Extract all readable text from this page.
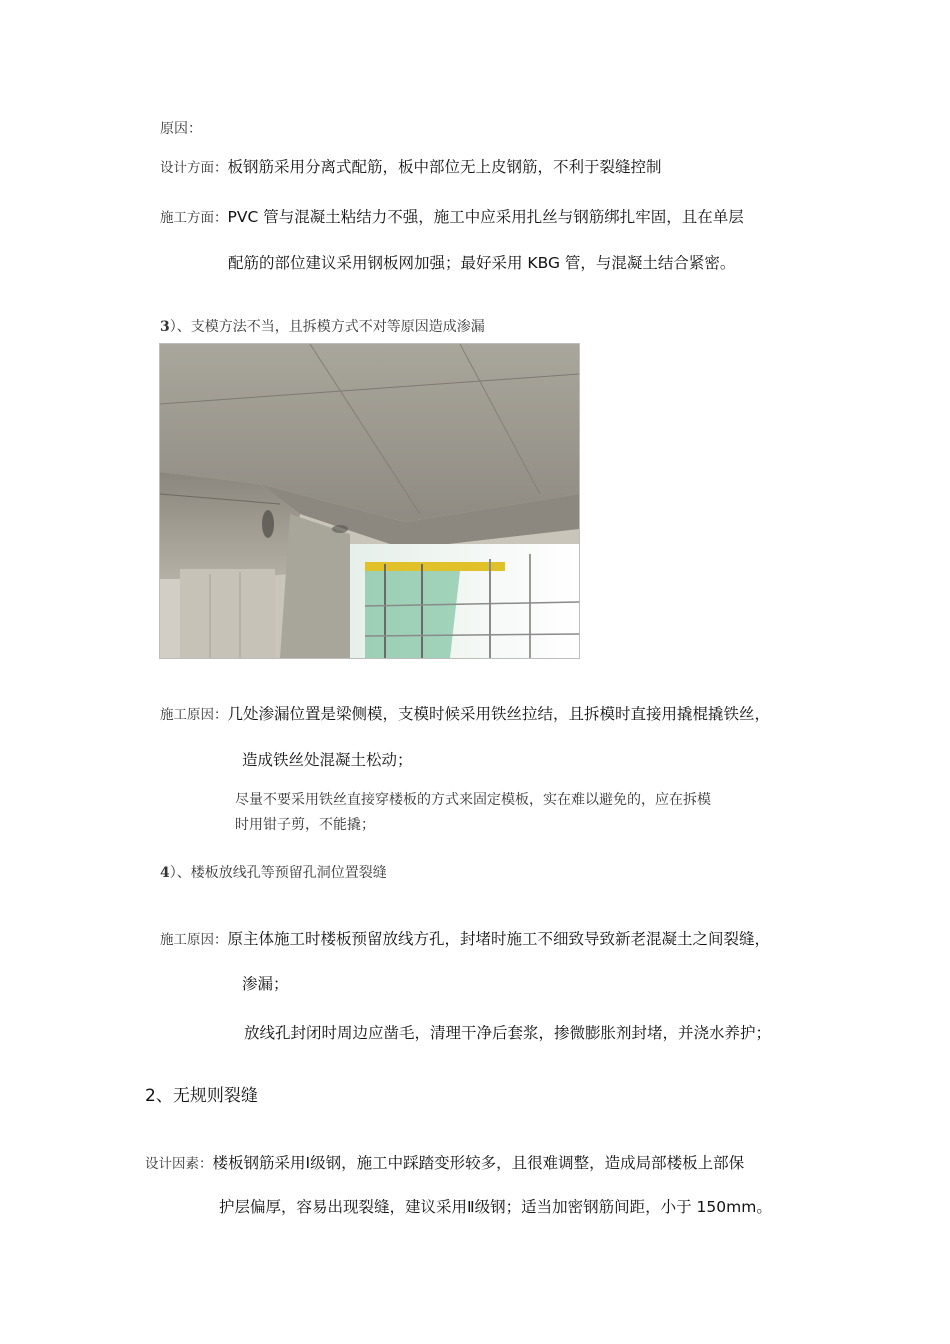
原因：
设计方面：板钢筋采用分离式配筋，板中部位无上皮钢筋，不利于裂缝控制
施工方面：PVC 管与混凝土粘结力不强，施工中应采用扎丝与钢筋绑扎牢固，且在单层
配筋的部位建议采用钢板网加强；最好采用 KBG 管，与混凝土结合紧密。
3）、支模方法不当，且拆模方式不对等原因造成渗漏
施工原因：几处渗漏位置是梁侧模，支模时候采用铁丝拉结，且拆模时直接用撬棍撬铁丝，
造成铁丝处混凝土松动；
尽量不要采用铁丝直接穿楼板的方式来固定模板，实在难以避免的，应在拆模
时用钳子剪，不能撬；
4）、楼板放线孔等预留孔洞位置裂缝
施工原因：原主体施工时楼板预留放线方孔，封堵时施工不细致导致新老混凝土之间裂缝，
渗漏；
放线孔封闭时周边应凿毛，清理干净后套浆，掺微膨胀剂封堵，并浇水养护；
2、无规则裂缝
设计因素：楼板钢筋采用Ⅰ级钢，施工中踩踏变形较多，且很难调整，造成局部楼板上部保
护层偏厚，容易出现裂缝，建议采用Ⅱ级钢；适当加密钢筋间距，小于 150mm。
